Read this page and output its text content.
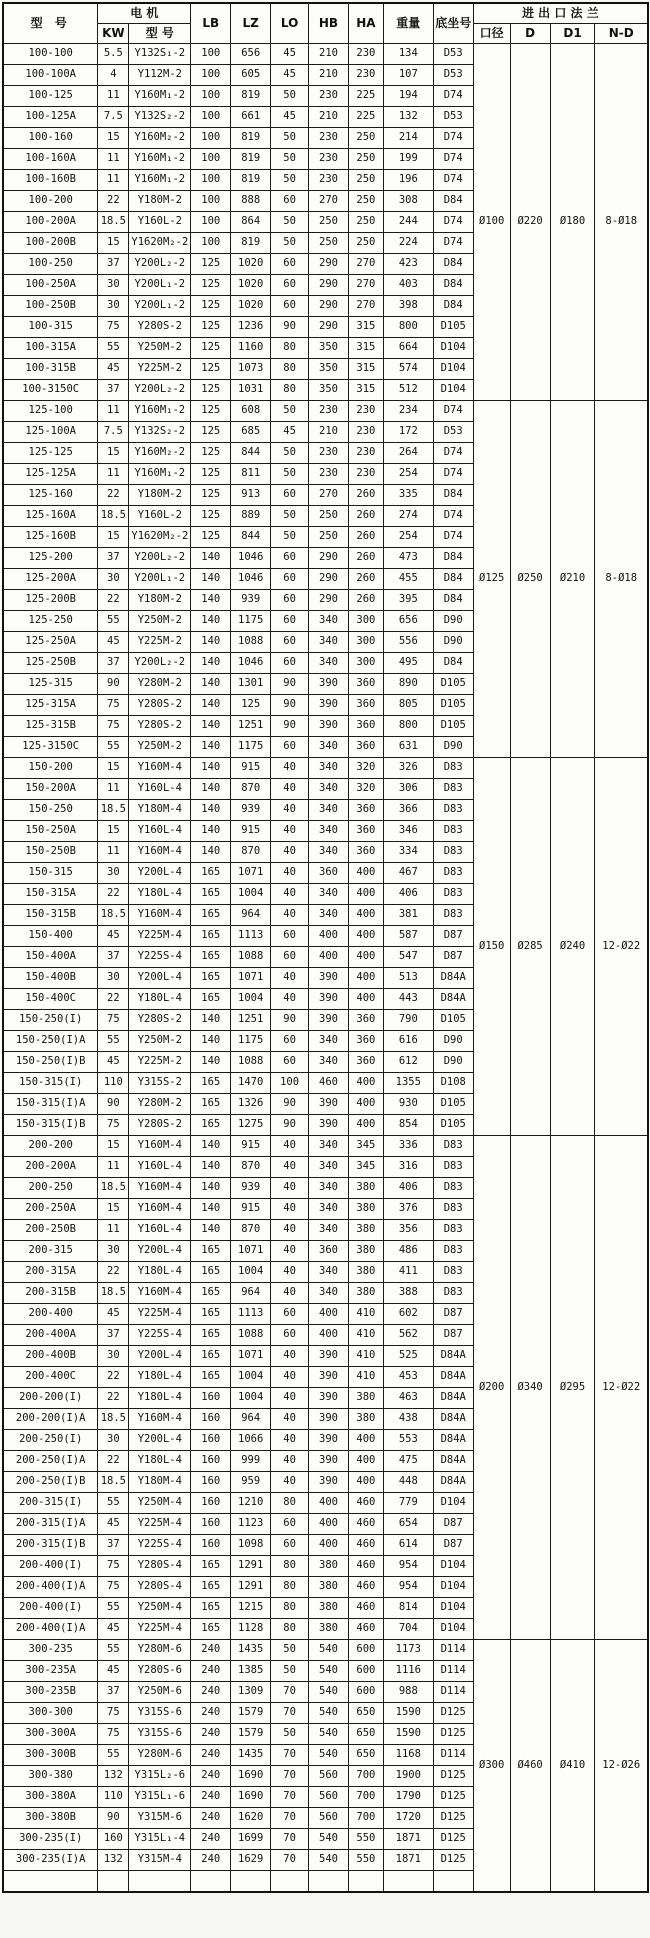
型 号	电 机		LB	LZ	LO	HB	HA	重量	底坐号	进 出 口 法 兰			
	KW	型 号								口径	D	D1	N-D
100-100	5.5	Y132S₁-2	100	656	45	210	230	134	D53	Ø100	Ø220	Ø180	8-Ø18
100-100A	4	Y112M-2	100	605	45	210	230	107	D53				
100-125	11	Y160M₁-2	100	819	50	230	225	194	D74				
100-125A	7.5	Y132S₂-2	100	661	45	210	225	132	D53				
100-160	15	Y160M₂-2	100	819	50	230	250	214	D74				
100-160A	11	Y160M₁-2	100	819	50	230	250	199	D74				
100-160B	11	Y160M₁-2	100	819	50	230	250	196	D74				
100-200	22	Y180M-2	100	888	60	270	250	308	D84				
100-200A	18.5	Y160L-2	100	864	50	250	250	244	D74				
100-200B	15	Y1620M₂-2	100	819	50	250	250	224	D74				
100-250	37	Y200L₂-2	125	1020	60	290	270	423	D84				
100-250A	30	Y200L₁-2	125	1020	60	290	270	403	D84				
100-250B	30	Y200L₁-2	125	1020	60	290	270	398	D84				
100-315	75	Y280S-2	125	1236	90	290	315	800	D105				
100-315A	55	Y250M-2	125	1160	80	350	315	664	D104				
100-315B	45	Y225M-2	125	1073	80	350	315	574	D104				
100-3150C	37	Y200L₂-2	125	1031	80	350	315	512	D104				
125-100	11	Y160M₁-2	125	608	50	230	230	234	D74	Ø125	Ø250	Ø210	8-Ø18
125-100A	7.5	Y132S₂-2	125	685	45	210	230	172	D53				
125-125	15	Y160M₂-2	125	844	50	230	230	264	D74				
125-125A	11	Y160M₁-2	125	811	50	230	230	254	D74				
125-160	22	Y180M-2	125	913	60	270	260	335	D84				
125-160A	18.5	Y160L-2	125	889	50	250	260	274	D74				
125-160B	15	Y1620M₂-2	125	844	50	250	260	254	D74				
125-200	37	Y200L₂-2	140	1046	60	290	260	473	D84				
125-200A	30	Y200L₁-2	140	1046	60	290	260	455	D84				
125-200B	22	Y180M-2	140	939	60	290	260	395	D84				
125-250	55	Y250M-2	140	1175	60	340	300	656	D90				
125-250A	45	Y225M-2	140	1088	60	340	300	556	D90				
125-250B	37	Y200L₂-2	140	1046	60	340	300	495	D84				
125-315	90	Y280M-2	140	1301	90	390	360	890	D105				
125-315A	75	Y280S-2	140	125	90	390	360	805	D105				
125-315B	75	Y280S-2	140	1251	90	390	360	800	D105				
125-3150C	55	Y250M-2	140	1175	60	340	360	631	D90				
150-200	15	Y160M-4	140	915	40	340	320	326	D83	Ø150	Ø285	Ø240	12-Ø22
150-200A	11	Y160L-4	140	870	40	340	320	306	D83				
150-250	18.5	Y180M-4	140	939	40	340	360	366	D83				
150-250A	15	Y160L-4	140	915	40	340	360	346	D83				
150-250B	11	Y160M-4	140	870	40	340	360	334	D83				
150-315	30	Y200L-4	165	1071	40	360	400	467	D83				
150-315A	22	Y180L-4	165	1004	40	340	400	406	D83				
150-315B	18.5	Y160M-4	165	964	40	340	400	381	D83				
150-400	45	Y225M-4	165	1113	60	400	400	587	D87				
150-400A	37	Y225S-4	165	1088	60	400	400	547	D87				
150-400B	30	Y200L-4	165	1071	40	390	400	513	D84A				
150-400C	22	Y180L-4	165	1004	40	390	400	443	D84A				
150-250(I)	75	Y280S-2	140	1251	90	390	360	790	D105				
150-250(I)A	55	Y250M-2	140	1175	60	340	360	616	D90				
150-250(I)B	45	Y225M-2	140	1088	60	340	360	612	D90				
150-315(I)	110	Y315S-2	165	1470	100	460	400	1355	D108				
150-315(I)A	90	Y280M-2	165	1326	90	390	400	930	D105				
150-315(I)B	75	Y280S-2	165	1275	90	390	400	854	D105				
200-200	15	Y160M-4	140	915	40	340	345	336	D83	Ø200	Ø340	Ø295	12-Ø22
200-200A	11	Y160L-4	140	870	40	340	345	316	D83				
200-250	18.5	Y160M-4	140	939	40	340	380	406	D83				
200-250A	15	Y160M-4	140	915	40	340	380	376	D83				
200-250B	11	Y160L-4	140	870	40	340	380	356	D83				
200-315	30	Y200L-4	165	1071	40	360	380	486	D83				
200-315A	22	Y180L-4	165	1004	40	340	380	411	D83				
200-315B	18.5	Y160M-4	165	964	40	340	380	388	D83				
200-400	45	Y225M-4	165	1113	60	400	410	602	D87				
200-400A	37	Y225S-4	165	1088	60	400	410	562	D87				
200-400B	30	Y200L-4	165	1071	40	390	410	525	D84A				
200-400C	22	Y180L-4	165	1004	40	390	410	453	D84A				
200-200(I)	22	Y180L-4	160	1004	40	390	380	463	D84A				
200-200(I)A	18.5	Y160M-4	160	964	40	390	380	438	D84A				
200-250(I)	30	Y200L-4	160	1066	40	390	400	553	D84A				
200-250(I)A	22	Y180L-4	160	999	40	390	400	475	D84A				
200-250(I)B	18.5	Y180M-4	160	959	40	390	400	448	D84A				
200-315(I)	55	Y250M-4	160	1210	80	400	460	779	D104				
200-315(I)A	45	Y225M-4	160	1123	60	400	460	654	D87				
200-315(I)B	37	Y225S-4	160	1098	60	400	460	614	D87				
200-400(I)	75	Y280S-4	165	1291	80	380	460	954	D104				
200-400(I)A	75	Y280S-4	165	1291	80	380	460	954	D104				
200-400(I)	55	Y250M-4	165	1215	80	380	460	814	D104				
200-400(I)A	45	Y225M-4	165	1128	80	380	460	704	D104				
300-235	55	Y280M-6	240	1435	50	540	600	1173	D114	Ø300	Ø460	Ø410	12-Ø26
300-235A	45	Y280S-6	240	1385	50	540	600	1116	D114				
300-235B	37	Y250M-6	240	1309	70	540	600	988	D114				
300-300	75	Y315S-6	240	1579	70	540	650	1590	D125				
300-300A	75	Y315S-6	240	1579	50	540	650	1590	D125				
300-300B	55	Y280M-6	240	1435	70	540	650	1168	D114				
300-380	132	Y315L₂-6	240	1690	70	560	700	1900	D125				
300-380A	110	Y315L₁-6	240	1690	70	560	700	1790	D125				
300-380B	90	Y315M-6	240	1620	70	560	700	1720	D125				
300-235(I)	160	Y315L₁-4	240	1699	70	540	550	1871	D125				
300-235(I)A	132	Y315M-4	240	1629	70	540	550	1871	D125				
